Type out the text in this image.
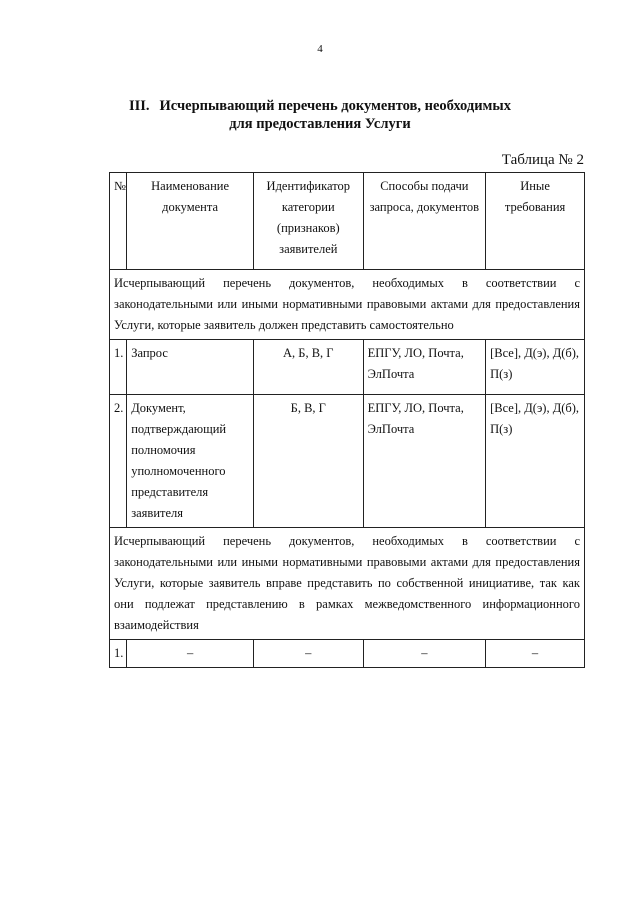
4
III. Исчерпывающий перечень документов, необходимых
для предоставления Услуги
Таблица № 2
№	Наименование документа	Идентификатор категории (признаков) заявителей	Способы подачи запроса, документов	Иные требования
Исчерпывающий перечень документов, необходимых в соответствии с законодательными или иными нормативными правовыми актами для предоставления Услуги, которые заявитель должен представить самостоятельно				
1.	Запрос	А, Б, В, Г	ЕПГУ, ЛО, Почта, ЭлПочта	[Все], Д(э), Д(б), П(з)
2.	Документ, подтверждающий полномочия уполномоченного представителя заявителя	Б, В, Г	ЕПГУ, ЛО, Почта, ЭлПочта	[Все], Д(э), Д(б), П(з)
Исчерпывающий перечень документов, необходимых в соответствии с законодательными или иными нормативными правовыми актами для предоставления Услуги, которые заявитель вправе представить по собственной инициативе, так как они подлежат представлению в рамках межведомственного информационного взаимодействия				
1.	–	–	–	–
